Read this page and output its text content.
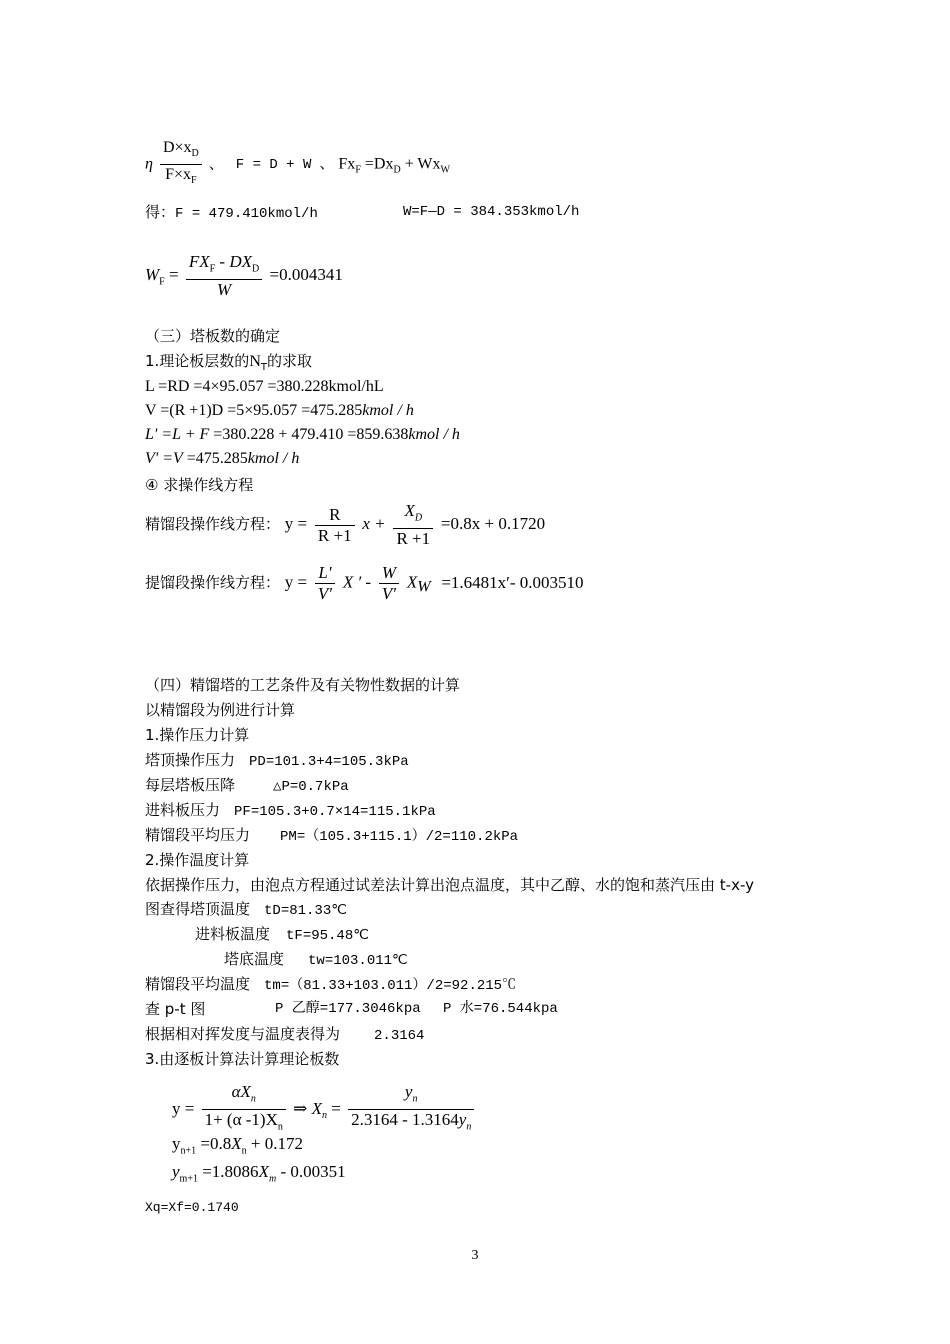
η $\frac{D\times x_D}{F\times x_F}$ 、 F = D + W 、 $Fx_F =Dx_D + Wx_W$
得：F = 479.410kmol/h	W=F—D = 384.353kmol/h
$W_F = \frac{FX_F - DX_D}{W} =0.004341$
（三）塔板数的确定
1.理论板层数的$N_T$的求取
L =RD =4×95.057 =380.228kmol/hL
V =(R +1)D =5×95.057 =475.285kmol / h
L' =L + F =380.228 + 479.410 =859.638kmol / h
V' =V =475.285kmol / h
④ 求操作线方程
精馏段操作线方程： $y = \frac{R}{R +1}$ $x + \frac{X_D}{R +1} =0.8x + 0.1720$
提馏段操作线方程： $y = \frac{L'}{V'}$ X ′ - $\frac{W}{V'} X_W =1.6481x'-$ 0.003510
（四）精馏塔的工艺条件及有关物性数据的计算
以精馏段为例进行计算
1.操作压力计算
塔顶操作压力 PD=101.3+4=105.3kPa
每层塔板压降	△P=0.7kPa
进料板压力 PF=105.3+0.7×14=115.1kPa
精馏段平均压力 PM=（105.3+115.1）/2=110.2kPa
2.操作温度计算
依据操作压力，由泡点方程通过试差法计算出泡点温度，其中乙醇、水的饱和蒸汽压由 t-x-y
图查得塔顶温度 tD=81.33℃
进料板温度 tF=95.48℃
塔底温度 tw=103.011℃
精馏段平均温度 tm=（81.33+103.011）/2=92.215℃
查 p-t 图	P 乙醇=177.3046kpa P 水=76.544kpa
根据相对挥发度与温度表得为 2.3164
3.由逐板计算法计算理论板数
$y = \frac{\alpha X_n}{1+ (\alpha -1)X_n}$ ⇒ $X_n = \frac{y_n}{2.3164 - 1.3164y_n}$
$y_{n+1} =0.8X_n + 0.172$
$y_{m+1} =1.8086X_m - 0.00351$
Xq=Xf=0.1740
3
